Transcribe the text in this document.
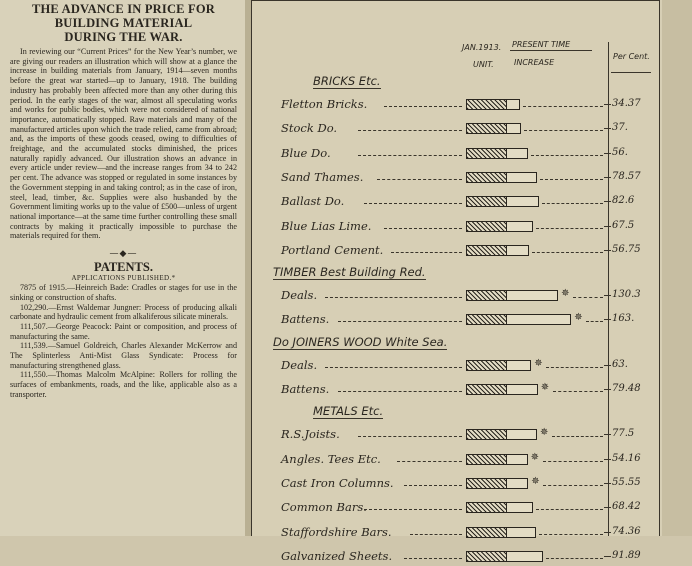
THE ADVANCE IN PRICE FOR
BUILDING MATERIAL
DURING THE WAR.

In reviewing our “Current Prices” for the New Year’s number, we are giving our readers an illustration which will show at a glance the increase in building materials from January, 1914—seven months before the great war started—up to January, 1918. The building industry has probably been affected more than any other during this period. In the early stages of the war, almost all speculating works and works for public bodies, which were not considered of national importance, automatically stopped. Raw materials and many of the manufactured articles upon which the trade relied, came from abroad; and, as the imports of these goods ceased, owing to difficulties of freightage, and the accumulated stocks diminished, the prices naturally rapidly advanced. Our illustration shows an advance in every article under review—and the increase ranges from 34 to 242 per cent. The advance was stopped or regulated in some instances by the Government stepping in and taking control; as in the case of iron, steel, lead, timber, &c. Supplies were also husbanded by the Government limiting works up to the value of £500—unless of urgent national importance—at the same time further controlling these small contracts by making it practically impossible to purchase the materials required for them.

—◆—
PATENTS.
APPLICATIONS PUBLISHED.*

7875 of 1915.—Heinreich Bade: Cradles or stages for use in the sinking or construction of shafts.

102,290.—Ernst Waldemar Jungner: Process of producing alkali carbonate and hydraulic cement from alkaliferous silicate minerals.

111,507.—George Peacock: Paint or composition, and process of manufacturing the same.

111,539.—Samuel Goldreich, Charles Alexander McKerrow and The Splinterless Anti-Mist Glass Syndicate: Process for manufacturing strengthened glass.

111,550.—Thomas Malcolm McAlpine: Rollers for rolling the surfaces of embankments, roads, and the like, applicable also as a transporter.

JAN.1913. PRESENT TIME
UNIT.	INCREASE
Per Cent.
BRICKS Etc.
Fletton Bricks.	34.37
Stock Do.	37.
Blue Do.	56.
Sand Thames.	78.57
Ballast Do.	82.6
Blue Lias Lime.	67.5
Portland Cement.	56.75
TIMBER Best Building Red.
Deals.	✵	130.3
Battens.	✵	163.
Do JOINERS WOOD White Sea.
Deals.	✵	63.
Battens.	✵	79.48
METALS Etc.
R.S.Joists.	✵	77.5
Angles. Tees Etc.	✵	54.16
Cast Iron Columns.	✵	55.55
Common Bars.	68.42
Staffordshire Bars.	74.36
Galvanized Sheets.	91.89
